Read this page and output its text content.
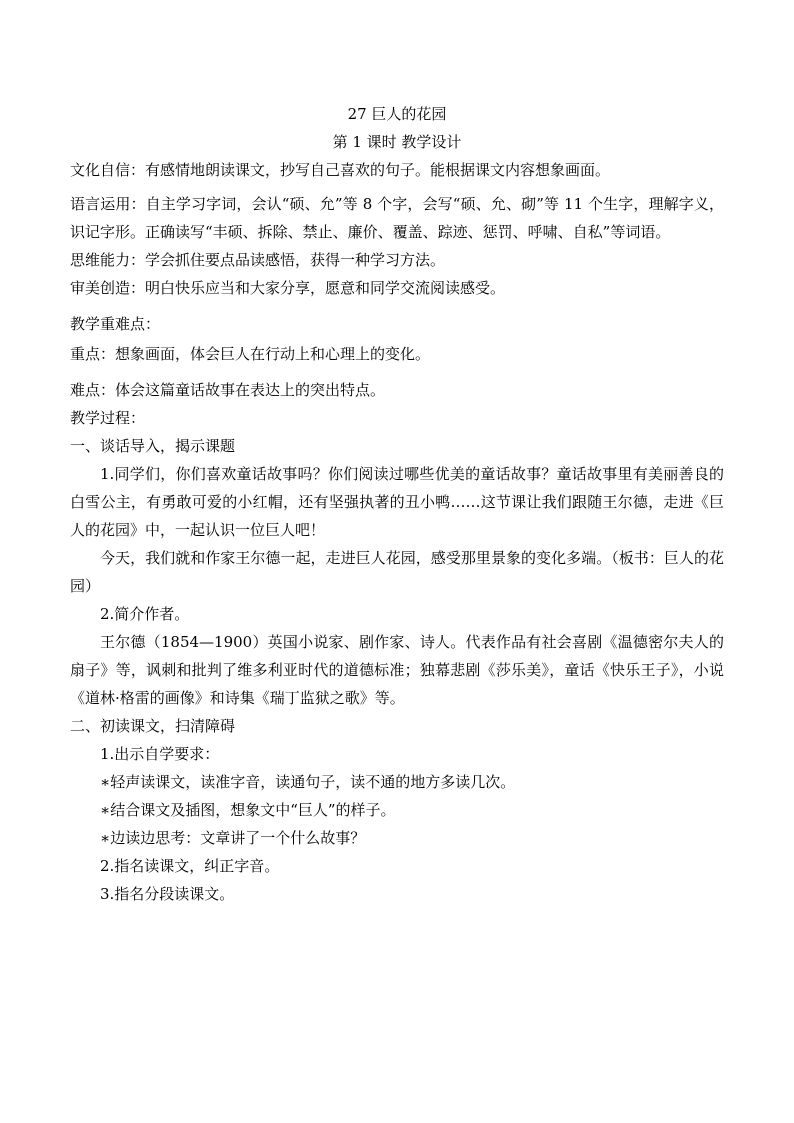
27 巨人的花园

第 1 课时 教学设计

文化自信：有感情地朗读课文，抄写自己喜欢的句子。能根据课文内容想象画面。

语言运用：自主学习字词，会认“硕、允”等 8 个字，会写“硕、允、砌”等 11 个生字，理解字义，识记字形。正确读写“丰硕、拆除、禁止、廉价、覆盖、踪迹、惩罚、呼啸、自私”等词语。

思维能力：学会抓住要点品读感悟，获得一种学习方法。

审美创造：明白快乐应当和大家分享，愿意和同学交流阅读感受。

教学重难点：

重点：想象画面，体会巨人在行动上和心理上的变化。

难点：体会这篇童话故事在表达上的突出特点。

教学过程：

一、谈话导入，揭示课题

1.同学们，你们喜欢童话故事吗？你们阅读过哪些优美的童话故事？童话故事里有美丽善良的白雪公主，有勇敢可爱的小红帽，还有坚强执著的丑小鸭……这节课让我们跟随王尔德，走进《巨人的花园》中，一起认识一位巨人吧！

今天，我们就和作家王尔德一起，走进巨人花园，感受那里景象的变化多端。（板书：巨人的花园）

2.简介作者。

王尔德（1854—1900）英国小说家、剧作家、诗人。代表作品有社会喜剧《温德密尔夫人的扇子》等，讽刺和批判了维多利亚时代的道德标准；独幕悲剧《莎乐美》，童话《快乐王子》，小说《道林·格雷的画像》和诗集《瑞丁监狱之歌》等。

二、初读课文，扫清障碍

1.出示自学要求：

∗轻声读课文，读准字音，读通句子，读不通的地方多读几次。

∗结合课文及插图，想象文中“巨人”的样子。

∗边读边思考：文章讲了一个什么故事？

2.指名读课文，纠正字音。

3.指名分段读课文。
